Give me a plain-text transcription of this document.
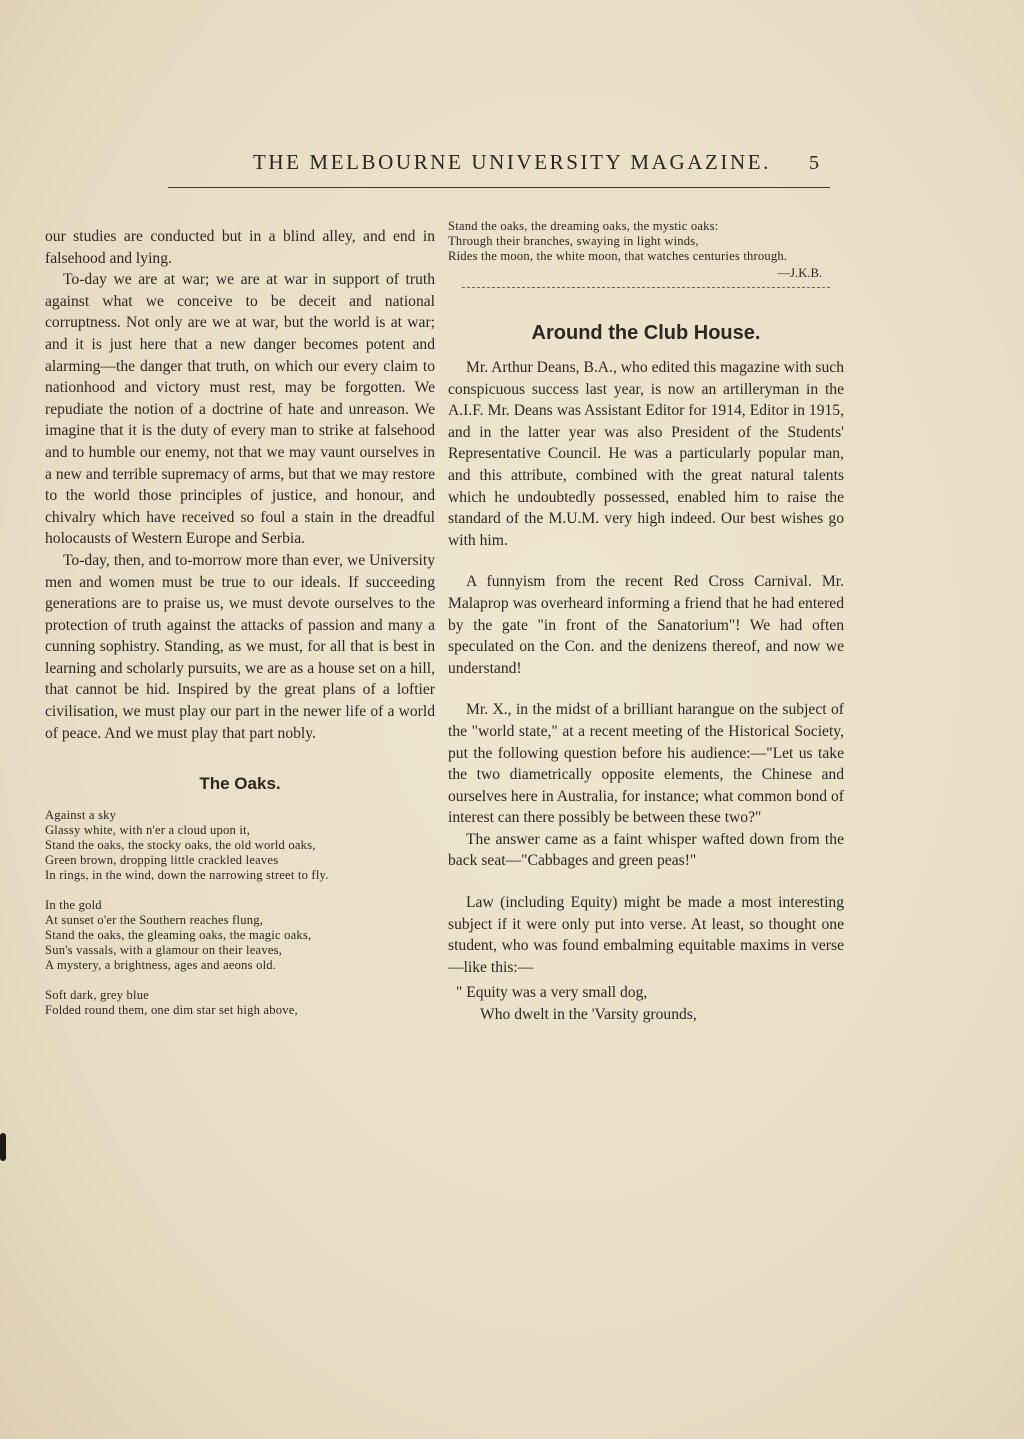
THE MELBOURNE UNIVERSITY MAGAZINE.	5

our studies are conducted but in a blind alley, and end in falsehood and lying.

To-day we are at war; we are at war in support of truth against what we conceive to be deceit and national corruptness. Not only are we at war, but the world is at war; and it is just here that a new danger becomes potent and alarming—the danger that truth, on which our every claim to nationhood and victory must rest, may be forgotten. We repudiate the notion of a doctrine of hate and unreason. We imagine that it is the duty of every man to strike at falsehood and to humble our enemy, not that we may vaunt ourselves in a new and terrible supremacy of arms, but that we may restore to the world those principles of justice, and honour, and chivalry which have received so foul a stain in the dreadful holocausts of Western Europe and Serbia.

To-day, then, and to-morrow more than ever, we University men and women must be true to our ideals. If succeeding generations are to praise us, we must devote ourselves to the protection of truth against the attacks of passion and many a cunning sophistry. Standing, as we must, for all that is best in learning and scholarly pursuits, we are as a house set on a hill, that cannot be hid. Inspired by the great plans of a loftier civilisation, we must play our part in the newer life of a world of peace. And we must play that part nobly.

The Oaks.
Against a sky
Glassy white, with n'er a cloud upon it,
Stand the oaks, the stocky oaks, the old world oaks,
Green brown, dropping little crackled leaves
In rings, in the wind, down the narrowing street to fly.
In the gold
At sunset o'er the Southern reaches flung,
Stand the oaks, the gleaming oaks, the magic oaks,
Sun's vassals, with a glamour on their leaves,
A mystery, a brightness, ages and aeons old.
Soft dark, grey blue
Folded round them, one dim star set high above,
Stand the oaks, the dreaming oaks, the mystic oaks:
Through their branches, swaying in light winds,
Rides the moon, the white moon, that watches centuries through.
—J.K.B.
Around the Club House.

Mr. Arthur Deans, B.A., who edited this magazine with such conspicuous success last year, is now an artilleryman in the A.I.F. Mr. Deans was Assistant Editor for 1914, Editor in 1915, and in the latter year was also President of the Students' Representative Council. He was a particularly popular man, and this attribute, combined with the great natural talents which he undoubtedly possessed, enabled him to raise the standard of the M.U.M. very high indeed. Our best wishes go with him.

A funnyism from the recent Red Cross Carnival. Mr. Malaprop was overheard informing a friend that he had entered by the gate "in front of the Sanatorium"! We had often speculated on the Con. and the denizens thereof, and now we understand!

Mr. X., in the midst of a brilliant harangue on the subject of the "world state," at a recent meeting of the Historical Society, put the following question before his audience:—"Let us take the two diametrically opposite elements, the Chinese and ourselves here in Australia, for instance; what common bond of interest can there possibly be between these two?"

The answer came as a faint whisper wafted down from the back seat—"Cabbages and green peas!"

Law (including Equity) might be made a most interesting subject if it were only put into verse. At least, so thought one student, who was found embalming equitable maxims in verse—like this:—

" Equity was a very small dog,
Who dwelt in the 'Varsity grounds,
